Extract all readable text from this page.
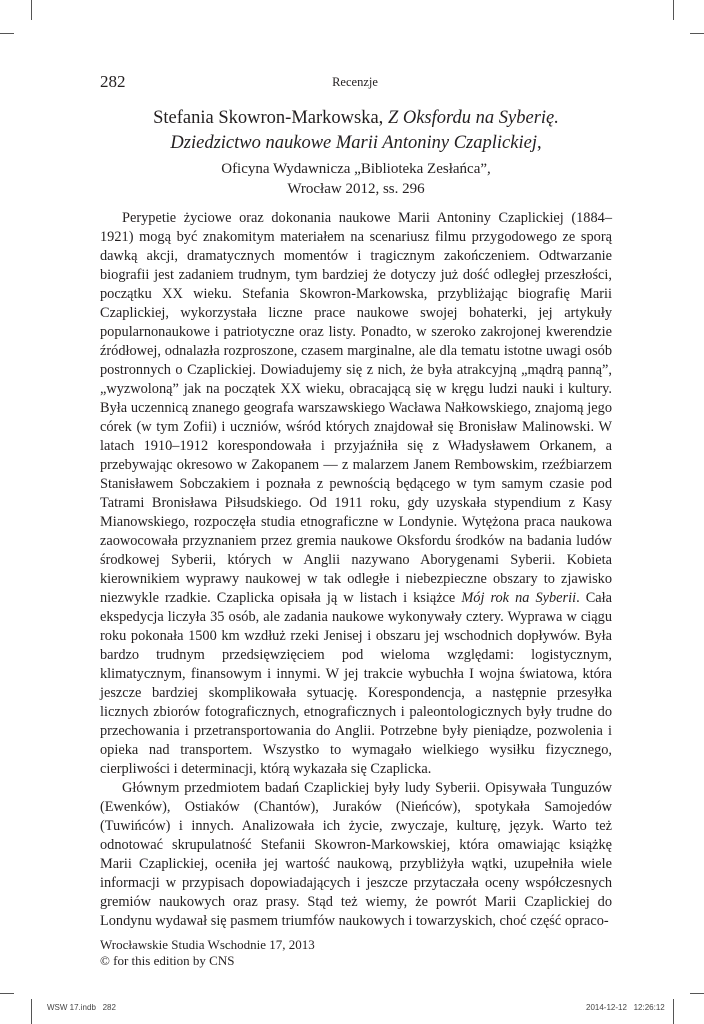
282	Recenzje
Stefania Skowron-Markowska, Z Oksfordu na Syberię.
Dziedzictwo naukowe Marii Antoniny Czaplickiej,
Oficyna Wydawnicza „Biblioteka Zesłańca”,
Wrocław 2012, ss. 296

Perypetie życiowe oraz dokonania naukowe Marii Antoniny Czaplickiej (1884–1921) mogą być znakomitym materiałem na scenariusz filmu przygodowego ze sporą dawką akcji, dramatycznych momentów i tragicznym zakończeniem. Odtwarzanie biografii jest zadaniem trudnym, tym bardziej że dotyczy już dość odległej przeszłości, początku XX wieku. Stefania Skowron-Markowska, przybliżając biografię Marii Czaplickiej, wykorzystała liczne prace naukowe swojej bohaterki, jej artykuły popularnonaukowe i patriotyczne oraz listy. Ponadto, w szeroko zakrojonej kwerendzie źródłowej, odnalazła rozproszone, czasem marginalne, ale dla tematu istotne uwagi osób postronnych o Czaplickiej. Dowiadujemy się z nich, że była atrakcyjną „mądrą panną”, „wyzwoloną” jak na początek XX wieku, obracającą się w kręgu ludzi nauki i kultury. Była uczennicą znanego geografa warszawskiego Wacława Nałkowskiego, znajomą jego córek (w tym Zofii) i uczniów, wśród których znajdował się Bronisław Malinowski. W latach 1910–1912 korespondowała i przyjaźniła się z Władysławem Orkanem, a przebywając okresowo w Zakopanem — z malarzem Janem Rembowskim, rzeźbiarzem Stanisławem Sobczakiem i poznała z pewnością będącego w tym samym czasie pod Tatrami Bronisława Piłsudskiego. Od 1911 roku, gdy uzyskała stypendium z Kasy Mianowskiego, rozpoczęła studia etnograficzne w Londynie. Wytężona praca naukowa zaowocowała przyznaniem przez gremia naukowe Oksfordu środków na badania ludów środkowej Syberii, których w Anglii nazywano Aborygenami Syberii. Kobieta kierownikiem wyprawy naukowej w tak odległe i niebezpieczne obszary to zjawisko niezwykle rzadkie. Czaplicka opisała ją w listach i książce Mój rok na Syberii. Cała ekspedycja liczyła 35 osób, ale zadania naukowe wykonywały cztery. Wyprawa w ciągu roku pokonała 1500 km wzdłuż rzeki Jenisej i obszaru jej wschodnich dopływów. Była bardzo trudnym przedsięwzięciem pod wieloma względami: logistycznym, klimatycznym, finansowym i innymi. W jej trakcie wybuchła I wojna światowa, która jeszcze bardziej skomplikowała sytuację. Korespondencja, a następnie przesyłka licznych zbiorów fotograficznych, etnograficznych i paleontologicznych były trudne do przechowania i przetransportowania do Anglii. Potrzebne były pieniądze, pozwolenia i opieka nad transportem. Wszystko to wymagało wielkiego wysiłku fizycznego, cierpliwości i determinacji, którą wykazała się Czaplicka.

Głównym przedmiotem badań Czaplickiej były ludy Syberii. Opisywała Tunguzów (Ewenków), Ostiaków (Chantów), Juraków (Nieńców), spotykała Samojedów (Tuwińców) i innych. Analizowała ich życie, zwyczaje, kulturę, język. Warto też odnotować skrupulatność Stefanii Skowron-Markowskiej, która omawiając książkę Marii Czaplickiej, oceniła jej wartość naukową, przybliżyła wątki, uzupełniła wiele informacji w przypisach dopowiadających i jeszcze przytaczała oceny współczesnych gremiów naukowych oraz prasy. Stąd też wiemy, że powrót Marii Czaplickiej do Londynu wydawał się pasmem triumfów naukowych i towarzyskich, choć część opraco-

Wrocławskie Studia Wschodnie 17, 2013
© for this edition by CNS
WSW 17.indb   282	2014-12-12   12:26:12
